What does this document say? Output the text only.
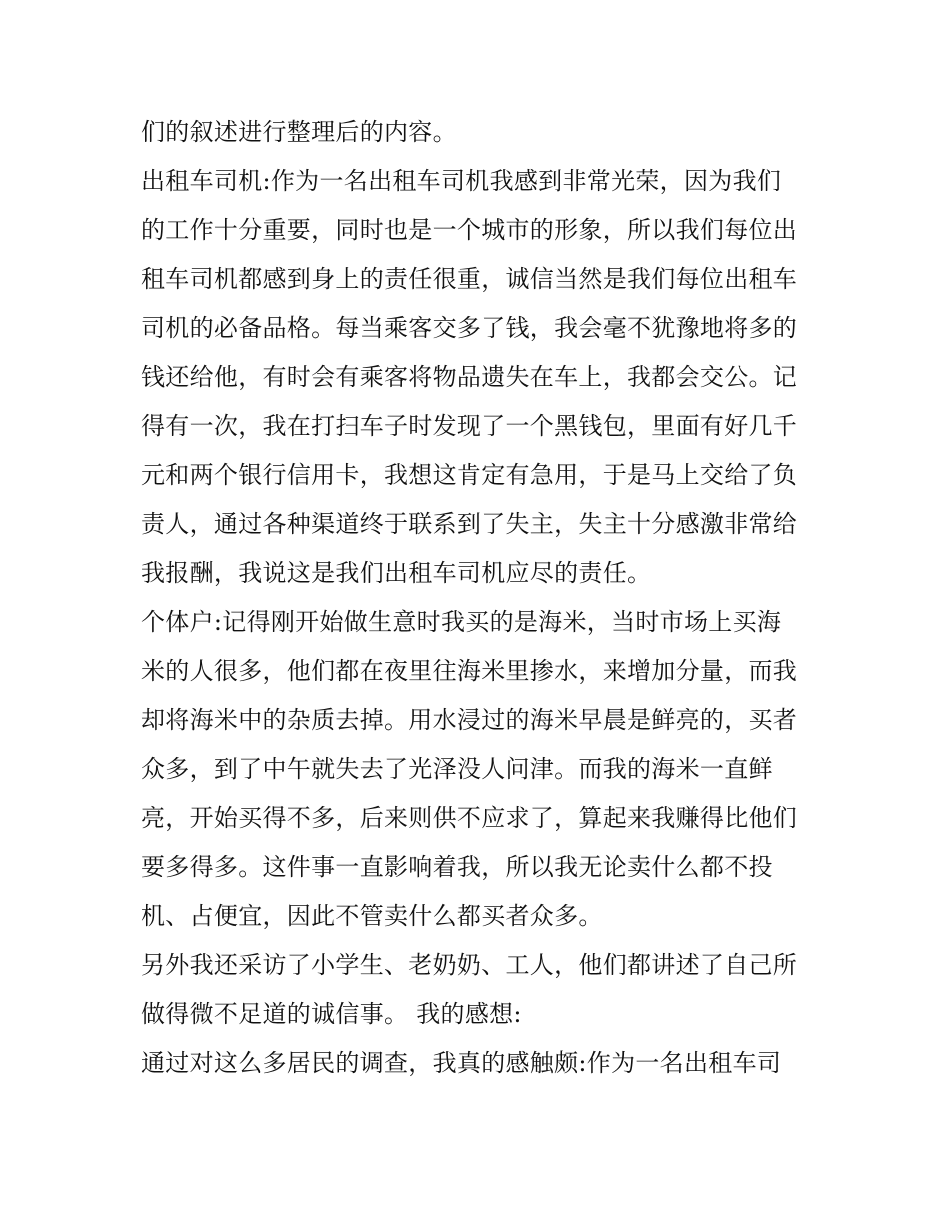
们的叙述进行整理后的内容。
出租车司机:作为一名出租车司机我感到非常光荣，因为我们
的工作十分重要，同时也是一个城市的形象，所以我们每位出
租车司机都感到身上的责任很重，诚信当然是我们每位出租车
司机的必备品格。每当乘客交多了钱，我会毫不犹豫地将多的
钱还给他，有时会有乘客将物品遗失在车上，我都会交公。记
得有一次，我在打扫车子时发现了一个黑钱包，里面有好几千
元和两个银行信用卡，我想这肯定有急用，于是马上交给了负
责人，通过各种渠道终于联系到了失主，失主十分感激非常给
我报酬，我说这是我们出租车司机应尽的责任。
个体户:记得刚开始做生意时我买的是海米，当时市场上买海
米的人很多，他们都在夜里往海米里掺水，来增加分量，而我
却将海米中的杂质去掉。用水浸过的海米早晨是鲜亮的，买者
众多，到了中午就失去了光泽没人问津。而我的海米一直鲜
亮，开始买得不多，后来则供不应求了，算起来我赚得比他们
要多得多。这件事一直影响着我，所以我无论卖什么都不投
机、占便宜，因此不管卖什么都买者众多。
另外我还采访了小学生、老奶奶、工人，他们都讲述了自己所
做得微不足道的诚信事。 我的感想:
通过对这么多居民的调查，我真的感触颇:作为一名出租车司
